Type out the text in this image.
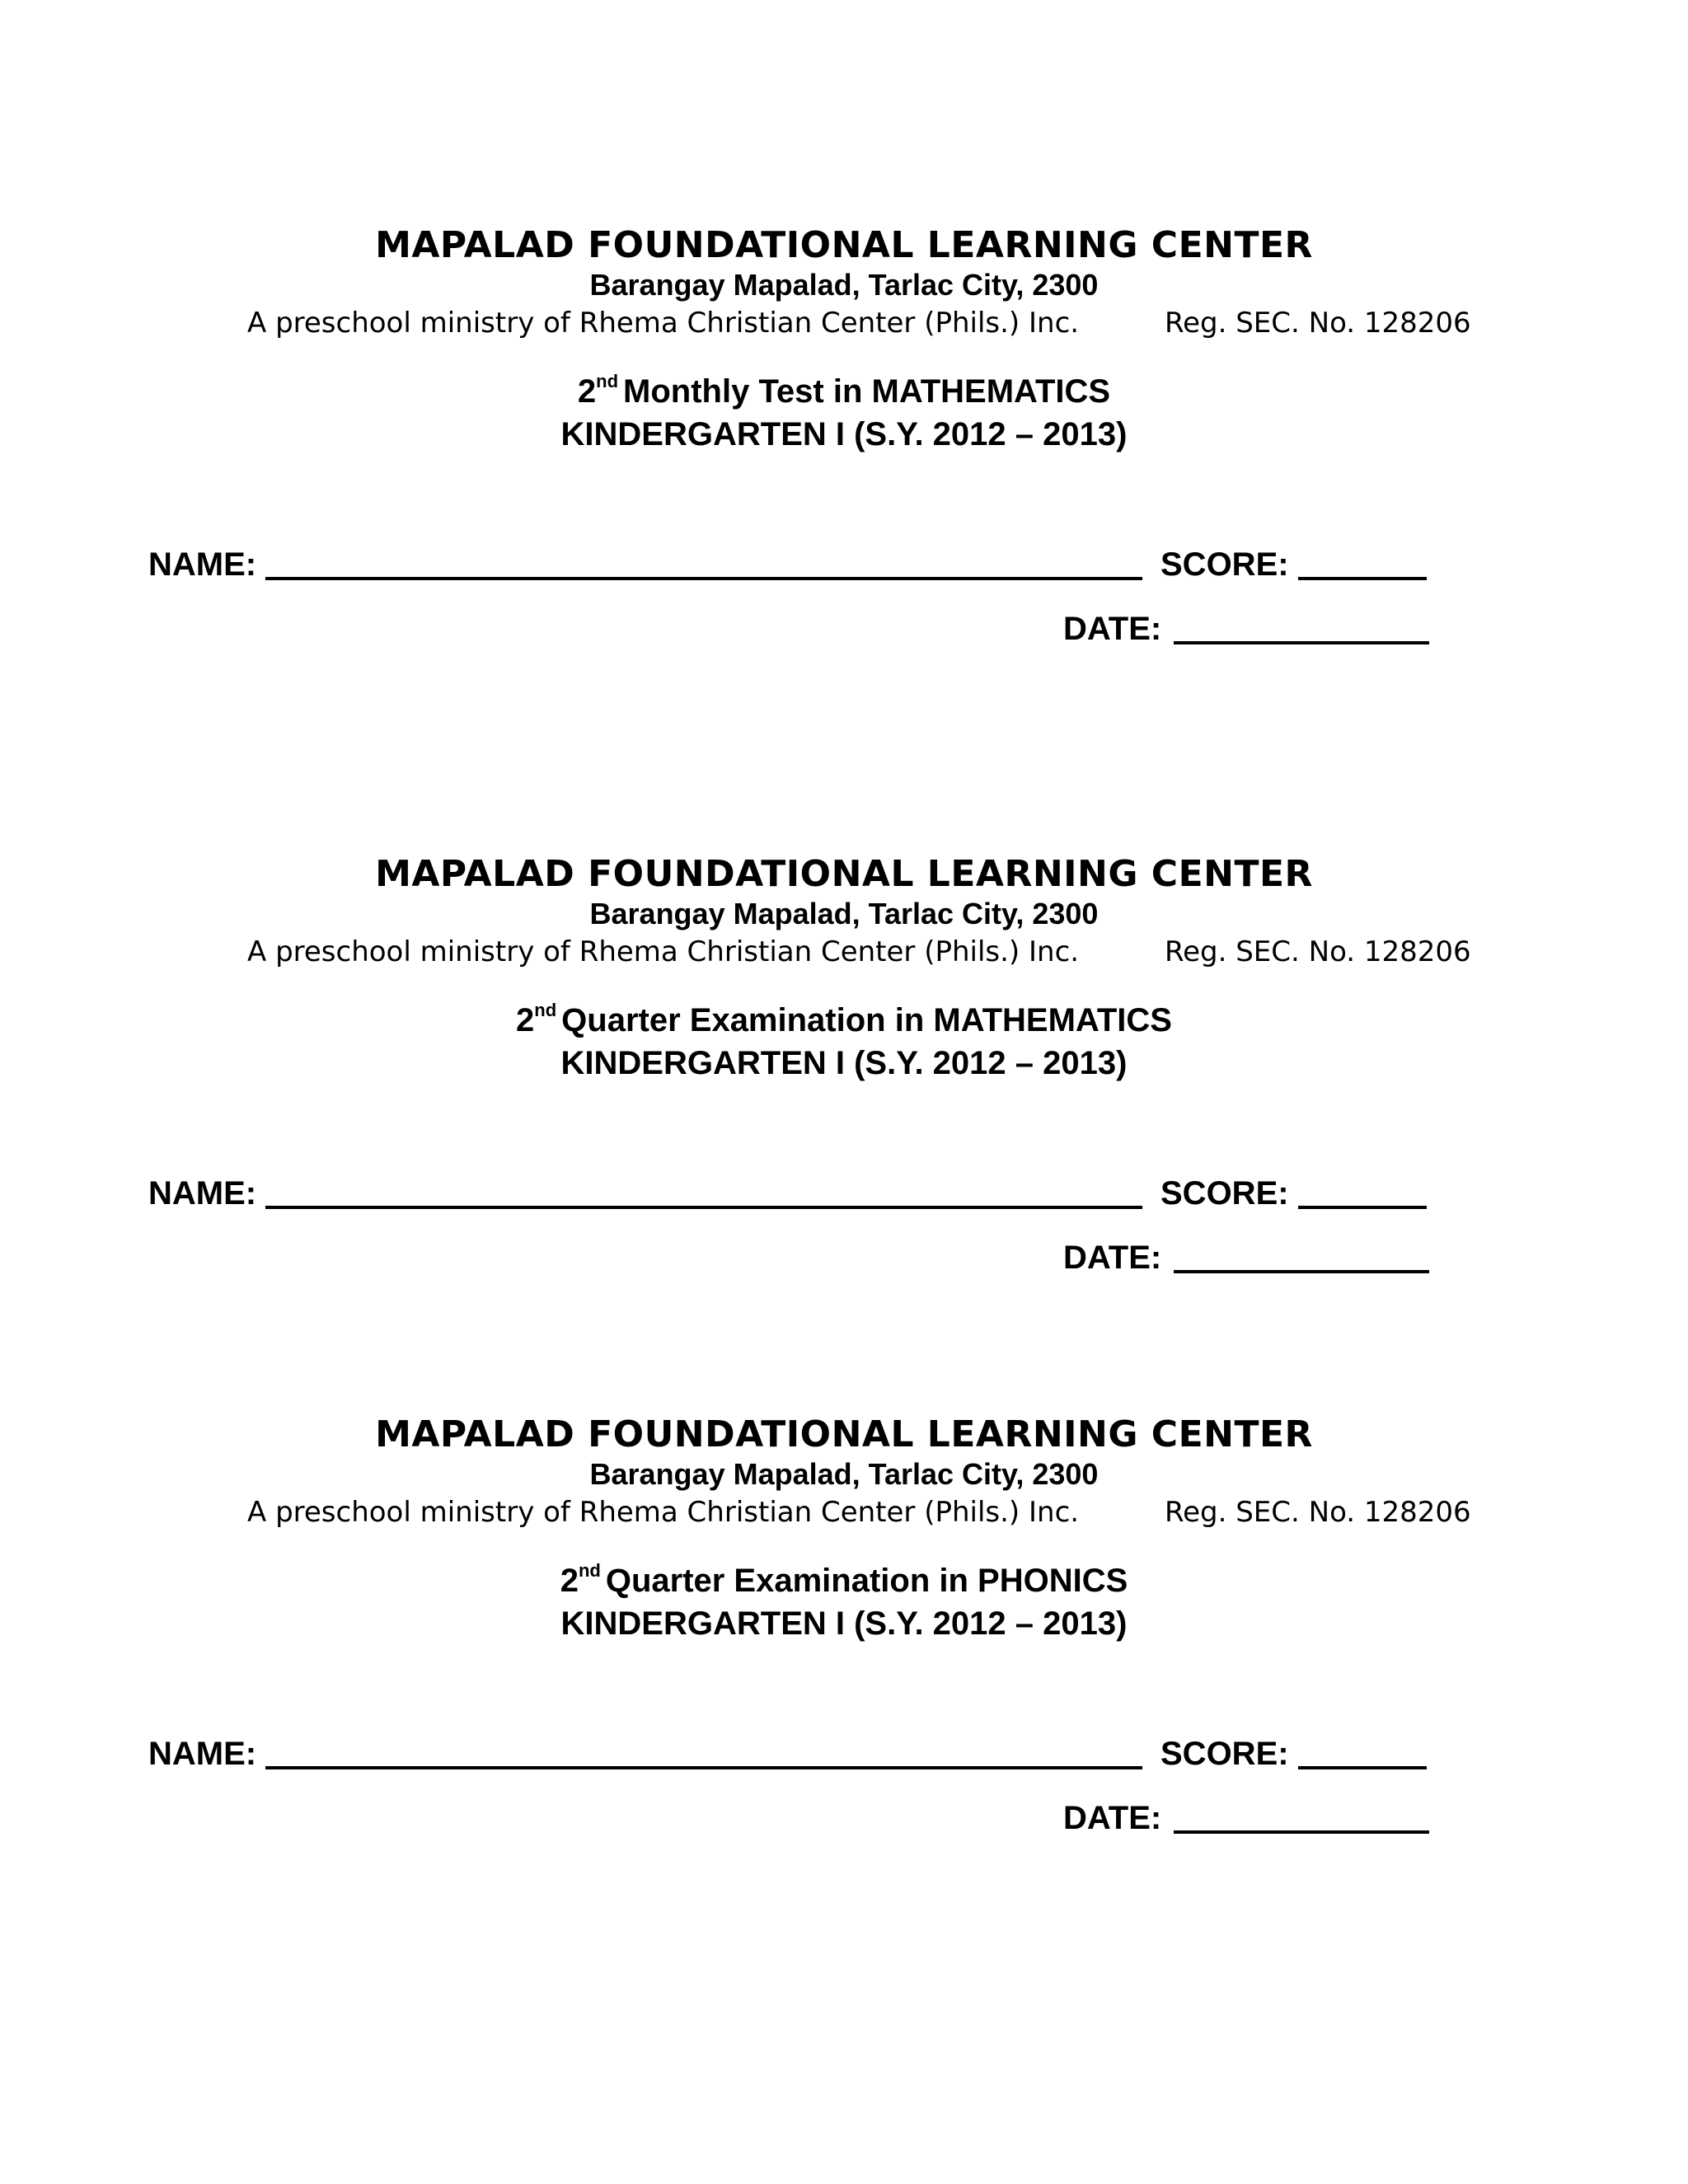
MAPALAD FOUNDATIONAL LEARNING CENTER
Barangay Mapalad, Tarlac City, 2300
A preschool ministry of Rhema Christian Center (Phils.) Inc.	Reg. SEC. No. 128206
2nd Monthly Test in MATHEMATICS
KINDERGARTEN I (S.Y. 2012 – 2013)
NAME:	SCORE:
DATE:
MAPALAD FOUNDATIONAL LEARNING CENTER
Barangay Mapalad, Tarlac City, 2300
A preschool ministry of Rhema Christian Center (Phils.) Inc.	Reg. SEC. No. 128206
2nd Quarter Examination in MATHEMATICS
KINDERGARTEN I (S.Y. 2012 – 2013)
NAME:	SCORE:
DATE:
MAPALAD FOUNDATIONAL LEARNING CENTER
Barangay Mapalad, Tarlac City, 2300
A preschool ministry of Rhema Christian Center (Phils.) Inc.	Reg. SEC. No. 128206
2nd Quarter Examination in PHONICS
KINDERGARTEN I (S.Y. 2012 – 2013)
NAME:	SCORE:
DATE:
